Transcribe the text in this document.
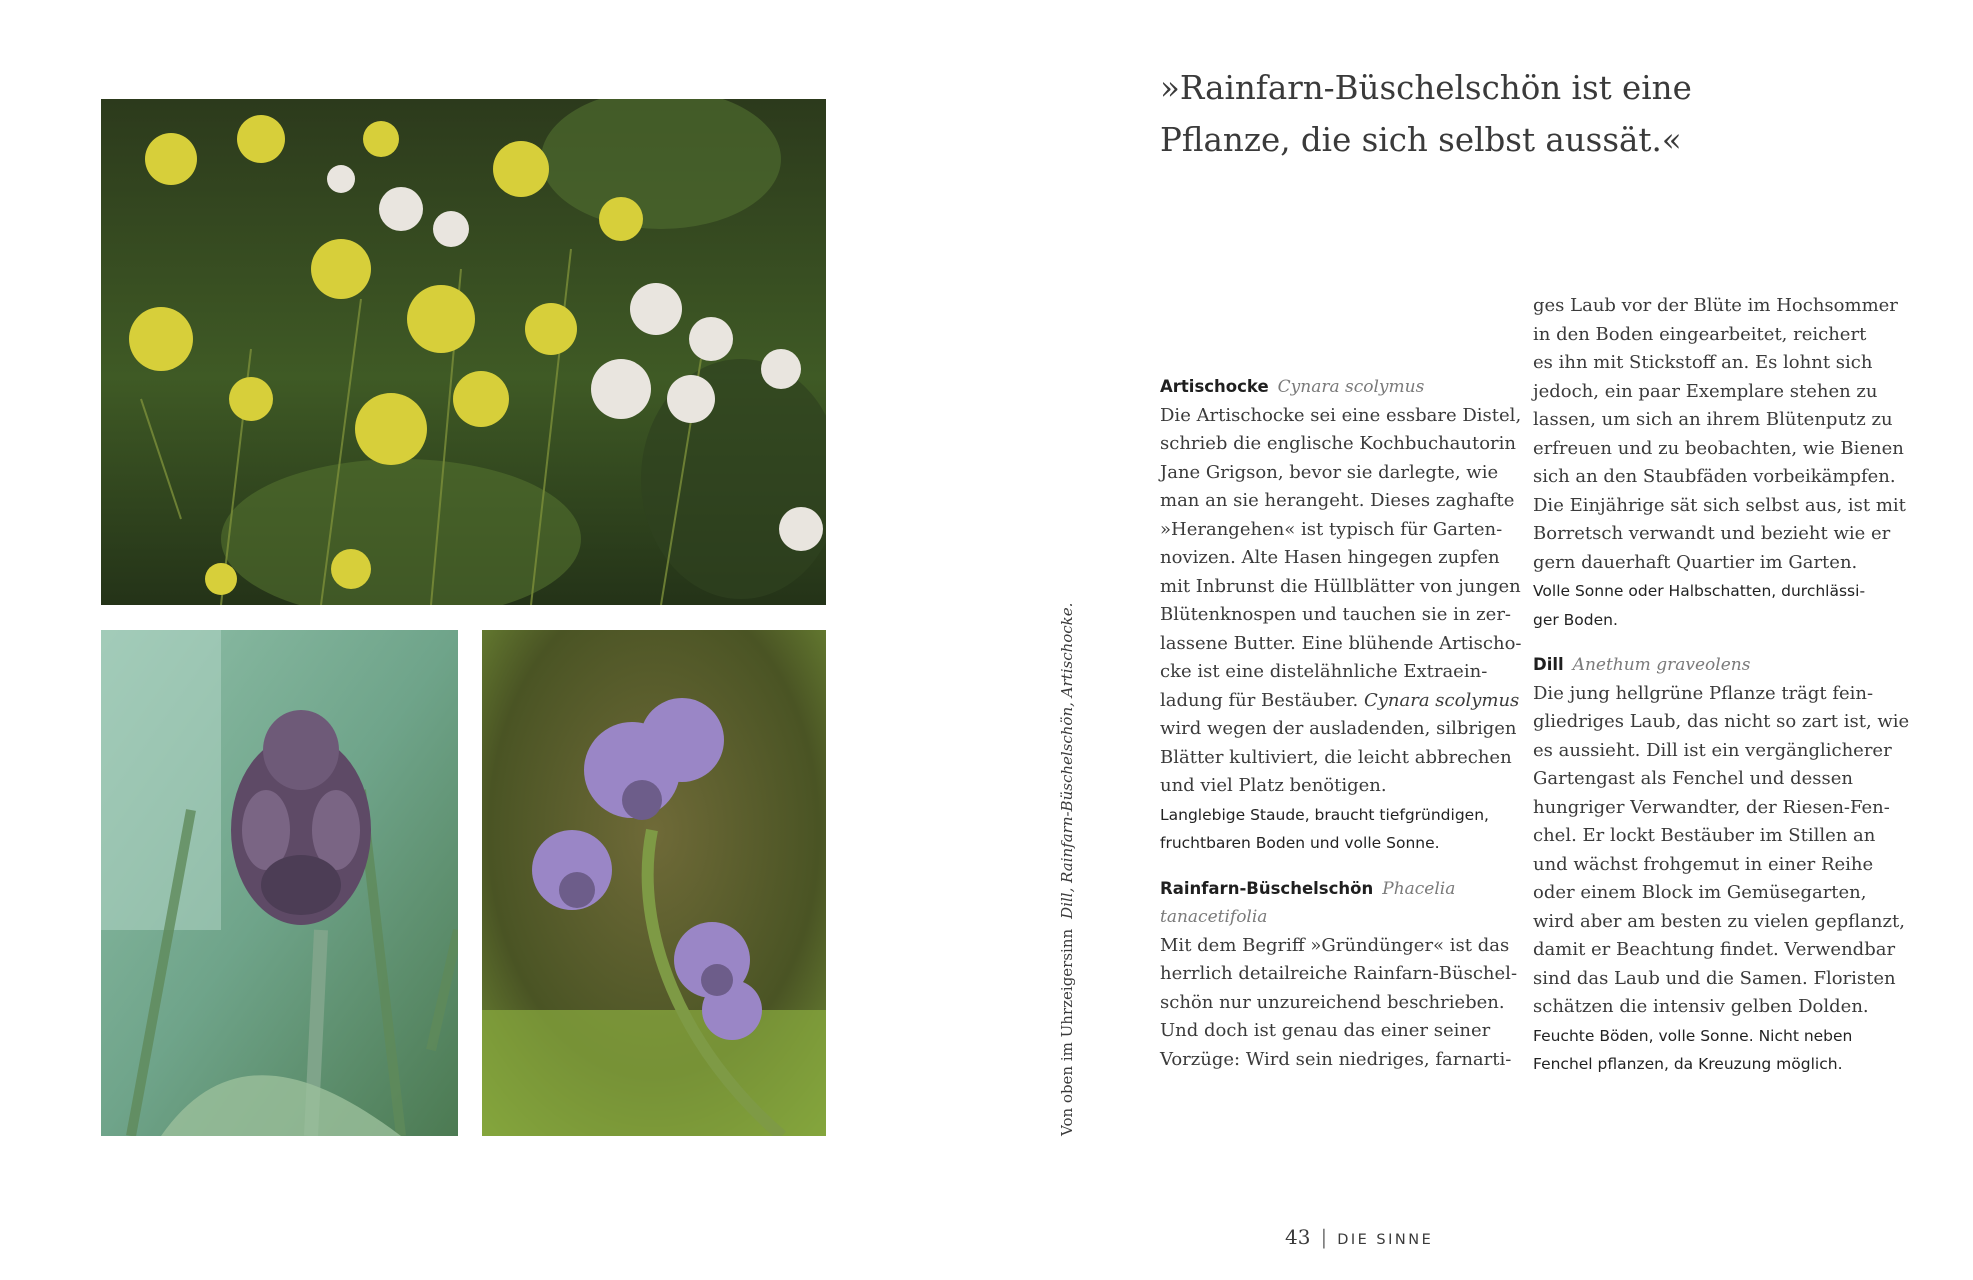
Von oben im UhrzeigersinnDill, Rainfarn-Büschelschön, Artischocke.
»Rainfarn-Büschelschön ist eine
Pflanze, die sich selbst aussät.«
Artischocke Cynara scolymus
Die Artischocke sei eine essbare Distel,
schrieb die englische Kochbuchautorin
Jane Grigson, bevor sie darlegte, wie
man an sie herangeht. Dieses zaghafte
»Herangehen« ist typisch für Garten-
novizen. Alte Hasen hingegen zupfen
mit Inbrunst die Hüllblätter von jungen
Blütenknospen und tauchen sie in zer-
lassene Butter. Eine blühende Artischo-
cke ist eine distelähnliche Extraein-
ladung für Bestäuber. Cynara scolymus
wird wegen der ausladenden, silbrigen
Blätter kultiviert, die leicht abbrechen
und viel Platz benötigen.
Langlebige Staude, braucht tiefgründigen,
fruchtbaren Boden und volle Sonne.
Rainfarn-Büschelschön Phacelia
tanacetifolia
Mit dem Begriff »Gründünger« ist das
herrlich detailreiche Rainfarn-Büschel-
schön nur unzureichend beschrieben.
Und doch ist genau das einer seiner
Vorzüge: Wird sein niedriges, farnarti-
ges Laub vor der Blüte im Hochsommer
in den Boden eingearbeitet, reichert
es ihn mit Stickstoff an. Es lohnt sich
jedoch, ein paar Exemplare stehen zu
lassen, um sich an ihrem Blütenputz zu
erfreuen und zu beobachten, wie Bienen
sich an den Staubfäden vorbeikämpfen.
Die Einjährige sät sich selbst aus, ist mit
Borretsch verwandt und bezieht wie er
gern dauerhaft Quartier im Garten.
Volle Sonne oder Halbschatten, durchlässi-
ger Boden.
Dill Anethum graveolens
Die jung hellgrüne Pflanze trägt fein-
gliedriges Laub, das nicht so zart ist, wie
es aussieht. Dill ist ein vergänglicherer
Gartengast als Fenchel und dessen
hungriger Verwandter, der Riesen-Fen-
chel. Er lockt Bestäuber im Stillen an
und wächst frohgemut in einer Reihe
oder einem Block im Gemüsegarten,
wird aber am besten zu vielen gepflanzt,
damit er Beachtung findet. Verwendbar
sind das Laub und die Samen. Floristen
schätzen die intensiv gelben Dolden.
Feuchte Böden, volle Sonne. Nicht neben
Fenchel pflanzen, da Kreuzung möglich.
43 | DIE SINNE
